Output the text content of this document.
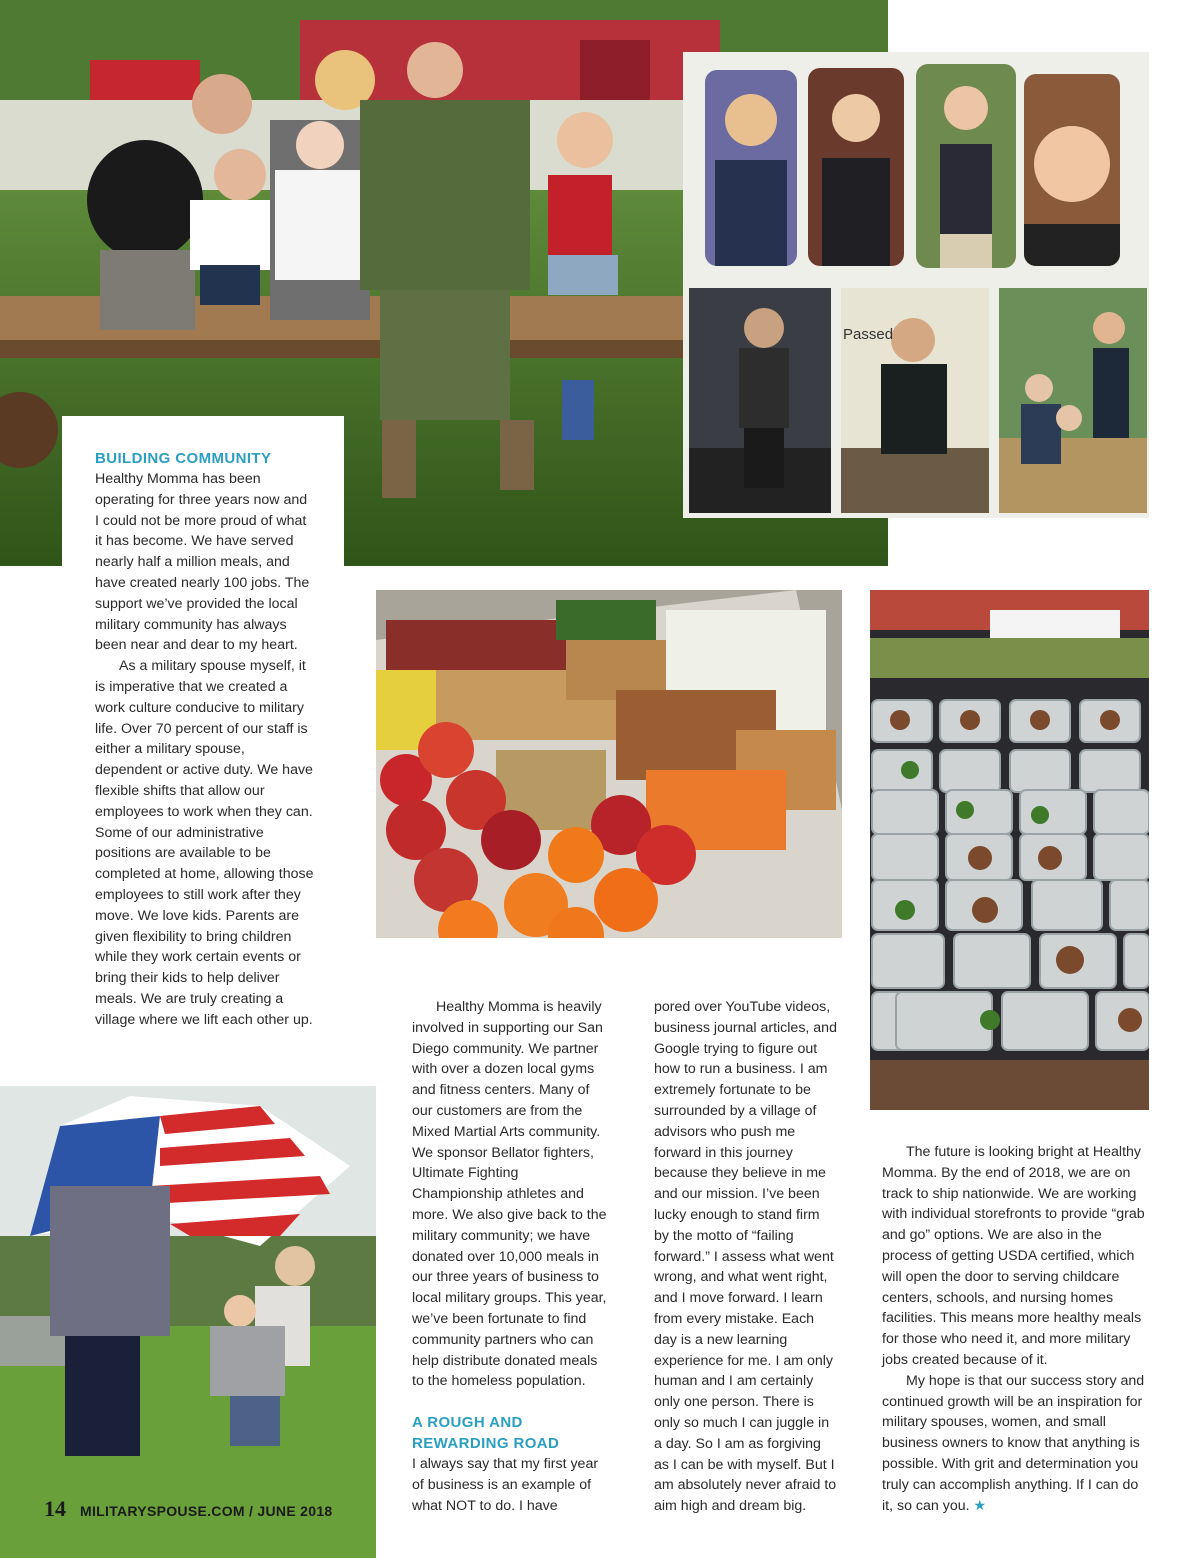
Passed

BUILDING COMMUNITY

Healthy Momma has been operating for three years now and I could not be more proud of what it has become. We have served nearly half a million meals, and have created nearly 100 jobs. The support we’ve provided the local military community has always been near and dear to my heart.

As a military spouse myself, it is imperative that we created a work culture conducive to military life. Over 70 percent of our staff is either a military spouse, dependent or active duty. We have flexible shifts that allow our employees to work when they can. Some of our administrative positions are available to be completed at home, allowing those employees to still work after they move. We love kids. Parents are given flexibility to bring children while they work certain events or bring their kids to help deliver meals. We are truly creating a village where we lift each other up.

Healthy Momma is heavily involved in supporting our San Diego community. We partner with over a dozen local gyms and fitness centers. Many of our customers are from the Mixed Martial Arts community. We sponsor Bellator fighters, Ultimate Fighting Championship athletes and more. We also give back to the military community; we have donated over 10,000 meals in our three years of business to local military groups. This year, we’ve been fortunate to find community partners who can help distribute donated meals to the homeless population.

A ROUGH AND
REWARDING ROAD

I always say that my first year of business is an example of what NOT to do. I have

pored over YouTube videos, business journal articles, and Google trying to figure out how to run a business. I am extremely fortunate to be surrounded by a village of advisors who push me forward in this journey because they believe in me and our mission. I’ve been lucky enough to stand firm by the motto of “failing forward.” I assess what went wrong, and what went right, and I move forward. I learn from every mistake. Each day is a new learning experience for me. I am only human and I am certainly only one person. There is only so much I can juggle in a day. So I am as forgiving as I can be with myself. But I am absolutely never afraid to aim high and dream big.

The future is looking bright at Healthy Momma. By the end of 2018, we are on track to ship nationwide. We are working with individual storefronts to provide “grab and go” options. We are also in the process of getting USDA certified, which will open the door to serving childcare centers, schools, and nursing homes facilities. This means more healthy meals for those who need it, and more military jobs created because of it.

My hope is that our success story and continued growth will be an inspiration for military spouses, women, and small business owners to know that anything is possible. With grit and determination you truly can accomplish anything. If I can do it, so can you. ★

14 MILITARYSPOUSE.COM / JUNE 2018
